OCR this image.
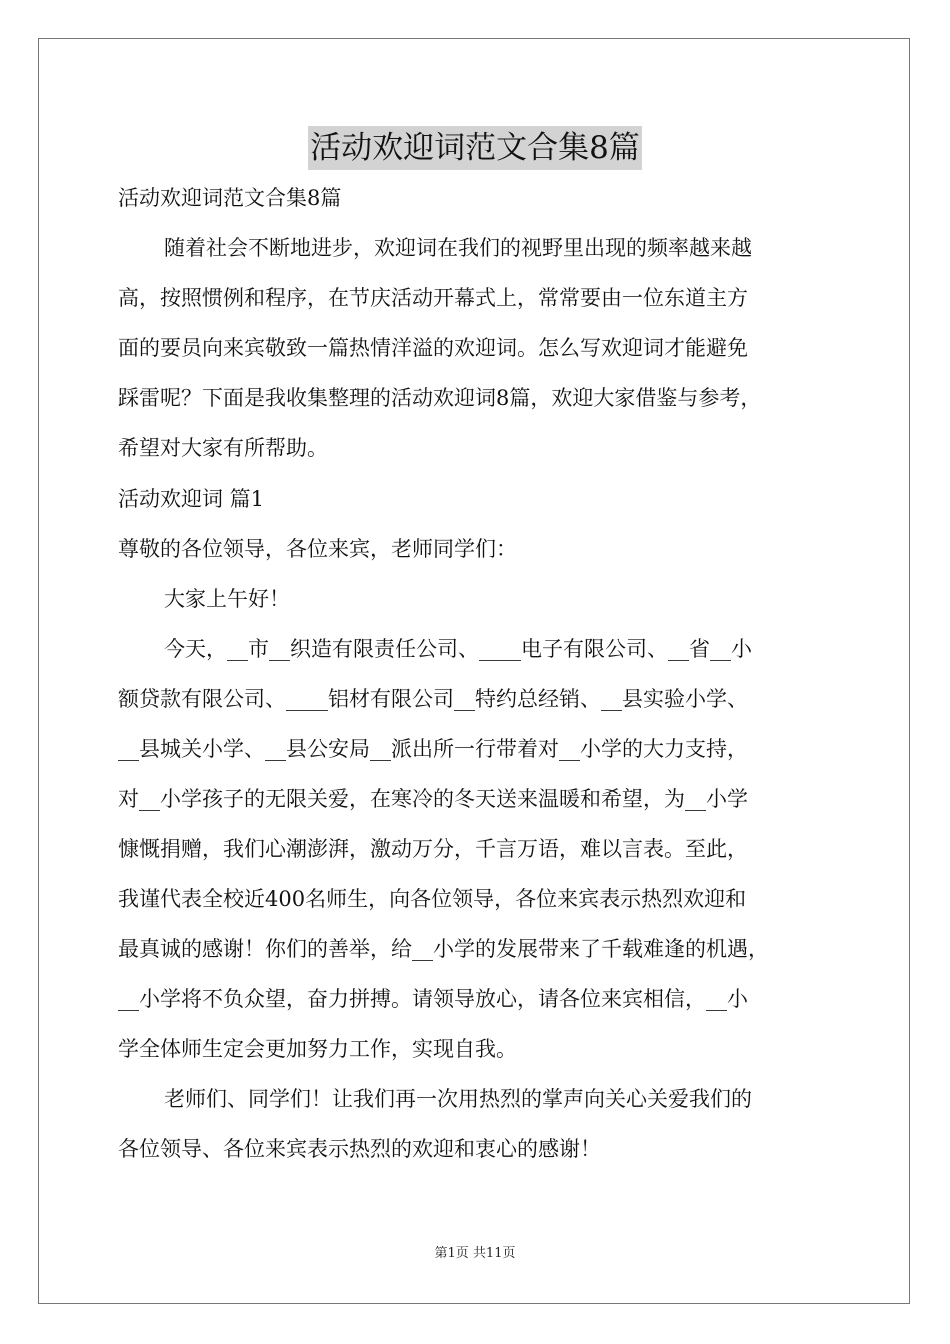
活动欢迎词范文合集8篇
活动欢迎词范文合集8篇
随着社会不断地进步，欢迎词在我们的视野里出现的频率越来越
高，按照惯例和程序，在节庆活动开幕式上，常常要由一位东道主方
面的要员向来宾敬致一篇热情洋溢的欢迎词。怎么写欢迎词才能避免
踩雷呢？下面是我收集整理的活动欢迎词8篇，欢迎大家借鉴与参考，
希望对大家有所帮助。
活动欢迎词 篇1
尊敬的各位领导，各位来宾，老师同学们：
大家上午好！
今天，__市__织造有限责任公司、____电子有限公司、__省__小
额贷款有限公司、____铝材有限公司__特约总经销、__县实验小学、
__县城关小学、__县公安局__派出所一行带着对__小学的大力支持，
对__小学孩子的无限关爱，在寒冷的冬天送来温暖和希望，为__小学
慷慨捐赠，我们心潮澎湃，激动万分，千言万语，难以言表。至此，
我谨代表全校近400名师生，向各位领导，各位来宾表示热烈欢迎和
最真诚的感谢！你们的善举，给__小学的发展带来了千载难逢的机遇，
__小学将不负众望，奋力拼搏。请领导放心，请各位来宾相信，__小
学全体师生定会更加努力工作，实现自我。
老师们、同学们！让我们再一次用热烈的掌声向关心关爱我们的
各位领导、各位来宾表示热烈的欢迎和衷心的感谢！
第1页 共11页
